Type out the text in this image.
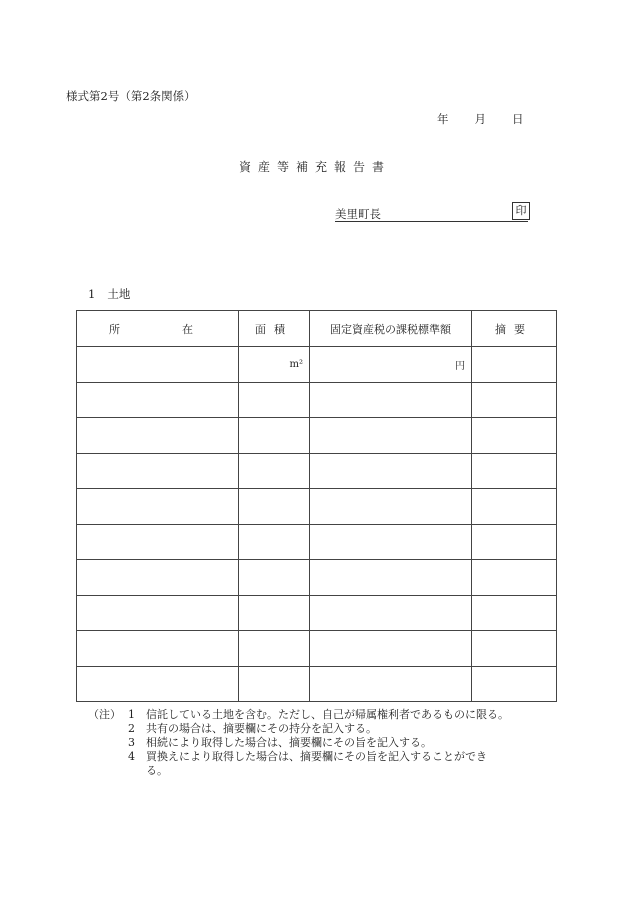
様式第2号（第2条関係）
年 月 日
資産等補充報告書
美里町長	印
1 土地
所 在	面積	固定資産税の課税標準額	摘要
	m²	円	

（注） 1 信託している土地を含む。ただし、自己が帰属権利者であるものに限る。
2 共有の場合は、摘要欄にその持分を記入する。
3 相続により取得した場合は、摘要欄にその旨を記入する。
4 買換えにより取得した場合は、摘要欄にその旨を記入することができ
る。
